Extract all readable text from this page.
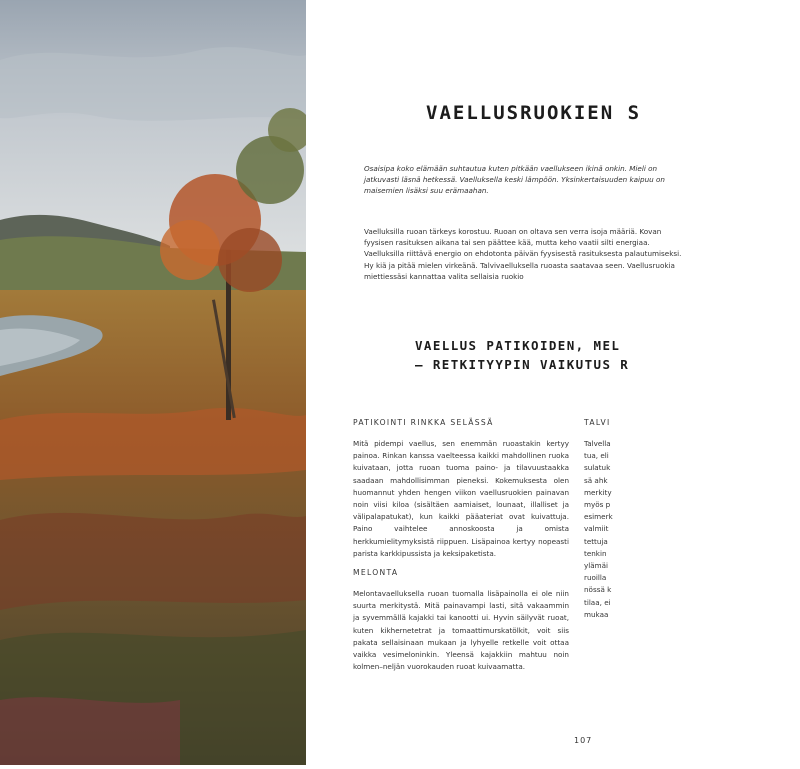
VAELLUSRUOKIEN S

Osaisipa koko elämään suhtautua kuten pitkään vaellukseen ikinä onkin. Mieli on jatkuvasti läsnä hetkessä. Vaelluksella keski lämpöön. Yksinkertaisuuden kaipuu on maisemien lisäksi suu erämaahan.

Vaelluksilla ruoan tärkeys korostuu. Ruoan on oltava sen verra isoja määriä. Kovan fyysisen rasituksen aikana tai sen päättee kää, mutta keho vaatii silti energiaa. Vaelluksilla riittävä energio on ehdotonta päivän fyysisestä rasituksesta palautumiseksi. Hy kiä ja pitää mielen virkeänä. Talvivaelluksella ruoasta saatavaa seen. Vaellusruokia miettiessäsi kannattaa valita sellaisia ruokio

VAELLUS PATIKOIDEN, MEL
– RETKITYYPIN VAIKUTUS R
PATIKOINTI RINKKA SELÄSSÄ

Mitä pidempi vaellus, sen enemmän ruoastakin kertyy painoa. Rinkan kanssa vaelteessa kaikki mahdollinen ruoka kuivataan, jotta ruoan tuoma paino- ja tilavuustaakka saadaan mahdollisimman pieneksi. Kokemuksesta olen huomannut yhden hengen viikon vaellusruokien painavan noin viisi kiloa (sisältäen aamiaiset, lounaat, illalliset ja välipalapatukat), kun kaikki pääateriat ovat kuivattuja. Paino vaihtelee annoskoosta ja omista herkkumielitymyksistä riippuen. Lisäpainoa kertyy nopeasti parista karkkipussista ja keksipaketista.

MELONTA

Melontavaelluksella ruoan tuomalla lisäpainolla ei ole niin suurta merkitystä. Mitä painavampi lasti, sitä vakaammin ja syvemmällä kajakki tai kanootti ui. Hyvin säilyvät ruoat, kuten kikhernetetrat ja tomaattimurskatölkit, voit siis pakata sellaisinaan mukaan ja lyhyelle retkelle voit ottaa vaikka vesimeloninkin. Yleensä kajakkiin mahtuu noin kolmen–neljän vuorokauden ruoat kuivaamatta.

TALVI

Talvella
tua, eli
sulatuk
sä ahk
merkity
myös p
esimerk
valmiit
tettuja
tenkin
ylämäi
ruoilla
nössä k
tilaa, ei
mukaa

107
